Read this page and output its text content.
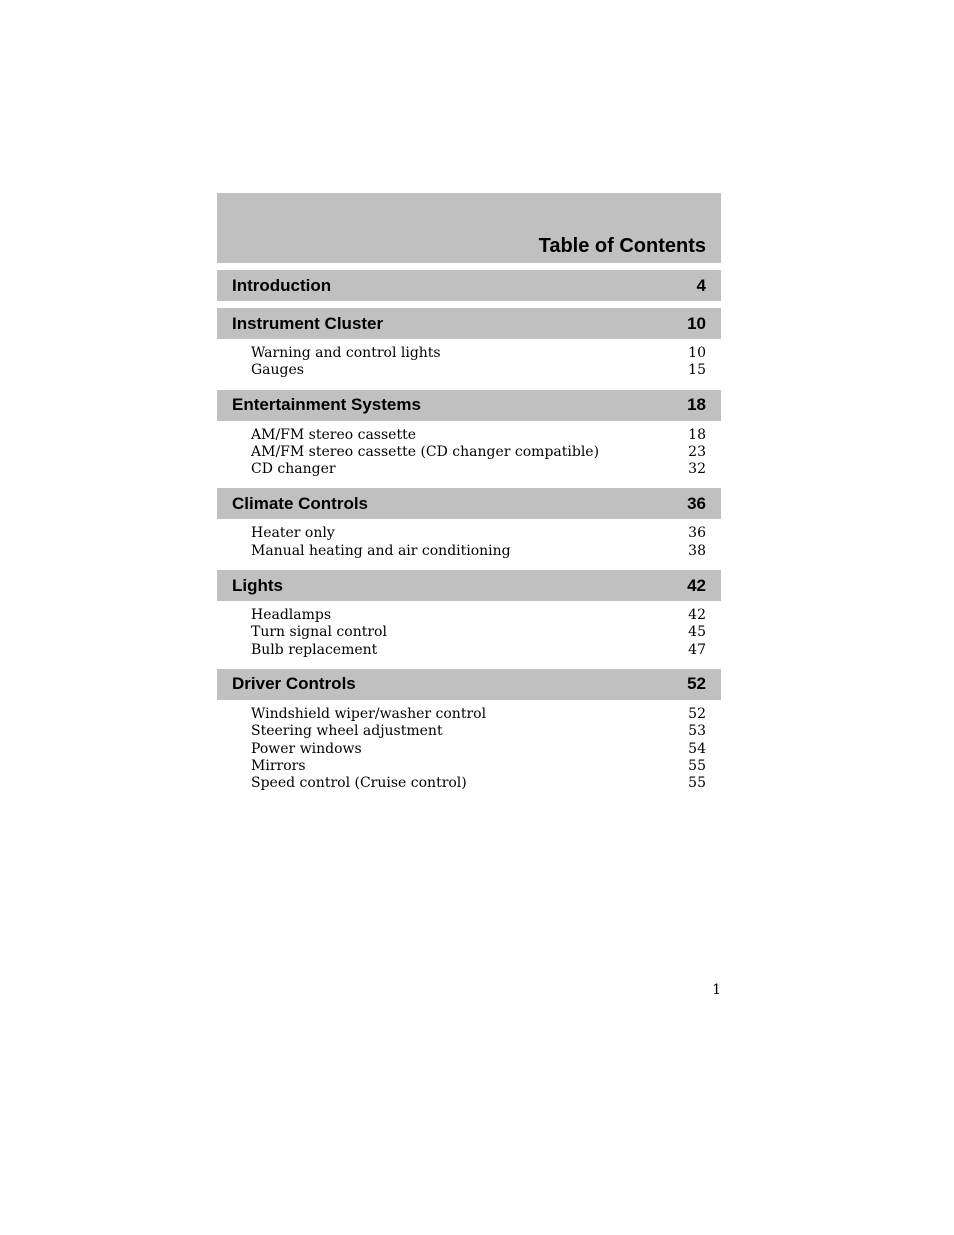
Table of Contents
Introduction	4
Instrument Cluster	10
Warning and control lights	10
Gauges	15
Entertainment Systems	18
AM/FM stereo cassette	18
AM/FM stereo cassette (CD changer compatible)	23
CD changer	32
Climate Controls	36
Heater only	36
Manual heating and air conditioning	38
Lights	42
Headlamps	42
Turn signal control	45
Bulb replacement	47
Driver Controls	52
Windshield wiper/washer control	52
Steering wheel adjustment	53
Power windows	54
Mirrors	55
Speed control (Cruise control)	55
1
